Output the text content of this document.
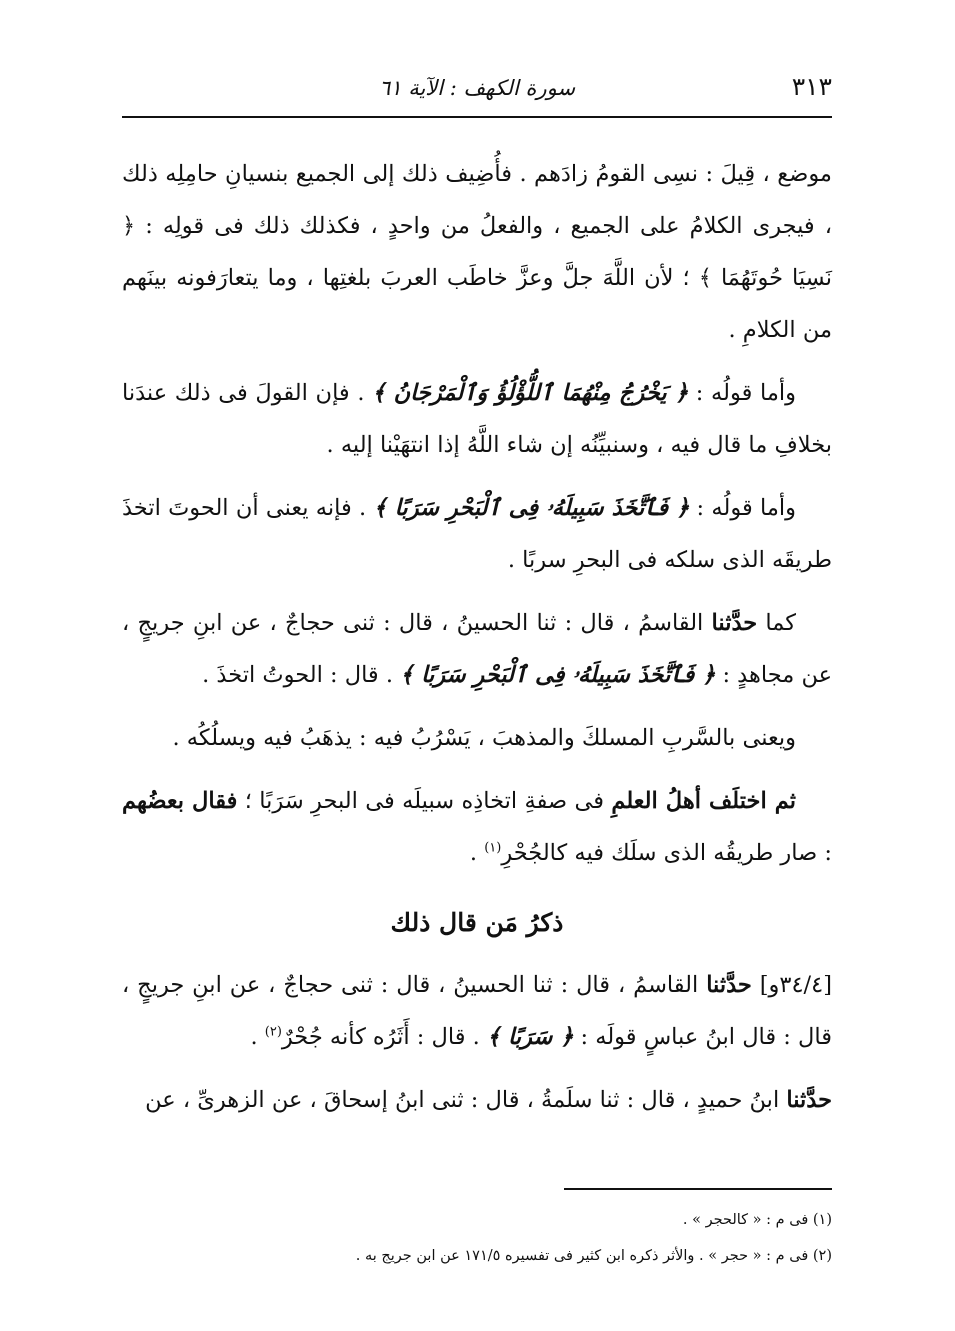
٣١٣
سورة الكهف : الآية ٦١

موضع ، قِيلَ : نسِى القومُ زادَهم . فأُضِيف ذلك إلى الجميع بنسيانِ حامِلِه ذلك ، فيجرى الكلامُ على الجميع ، والفعلُ من واحدٍ ، فكذلك ذلك فى قولِه : ﴿ نَسِيَا حُوتَهُمَا ﴾ ؛ لأن اللَّهَ جلَّ وعزَّ خاطَب العربَ بلغتِها ، وما يتعارَفونه بينَهم من الكلامِ .

وأما قولُه : ﴿ يَخْرُجُ مِنْهُمَا ٱللُّؤْلُؤُ وَٱلْمَرْجَانُ ﴾ . فإن القولَ فى ذلك عندَنا بخلافِ ما قال فيه ، وسنبيِّنُه إن شاء اللَّهُ إذا انتهَيْنا إليه .

وأما قولُه : ﴿ فَٱتَّخَذَ سَبِيلَهُۥ فِى ٱلْبَحْرِ سَرَبًا ﴾ . فإنه يعنى أن الحوتَ اتخذَ طريقَه الذى سلكه فى البحرِ سربًا .

كما حدَّثنا القاسمُ ، قال : ثنا الحسينُ ، قال : ثنى حجاجٌ ، عن ابنِ جريجٍ ، عن مجاهدٍ : ﴿ فَٱتَّخَذَ سَبِيلَهُۥ فِى ٱلْبَحْرِ سَرَبًا ﴾ . قال : الحوتُ اتخذَ .

ويعنى بالسَّربِ المسلكَ والمذهبَ ، يَسْرُبُ فيه : يذهَبُ فيه ويسلُكُه .

ثم اختلَف أهلُ العلمِ فى صفةِ اتخاذِه سبيلَه فى البحرِ سَرَبًا ؛ فقال بعضُهم : صار طريقُه الذى سلَك فيه كالجُحْرِ$^{(١)}$ .

ذكرُ مَن قال ذلك

[٣٤/٤و] حدَّثنا القاسمُ ، قال : ثنا الحسينُ ، قال : ثنى حجاجٌ ، عن ابنِ جريجٍ ، قال : قال ابنُ عباسٍ قولَه : ﴿ سَرَبًا ﴾ . قال : أَثَرُه كأنه جُحْرٌ$^{(٢)}$ .

حدَّثنا ابنُ حميدٍ ، قال : ثنا سلَمةُ ، قال : ثنى ابنُ إسحاقَ ، عن الزهرىِّ ، عن

(١) فى م : « كالحجر » .

(٢) فى م : « حجر » . والأثر ذكره ابن كثير فى تفسيره ١٧١/٥ عن ابن جريج به .
